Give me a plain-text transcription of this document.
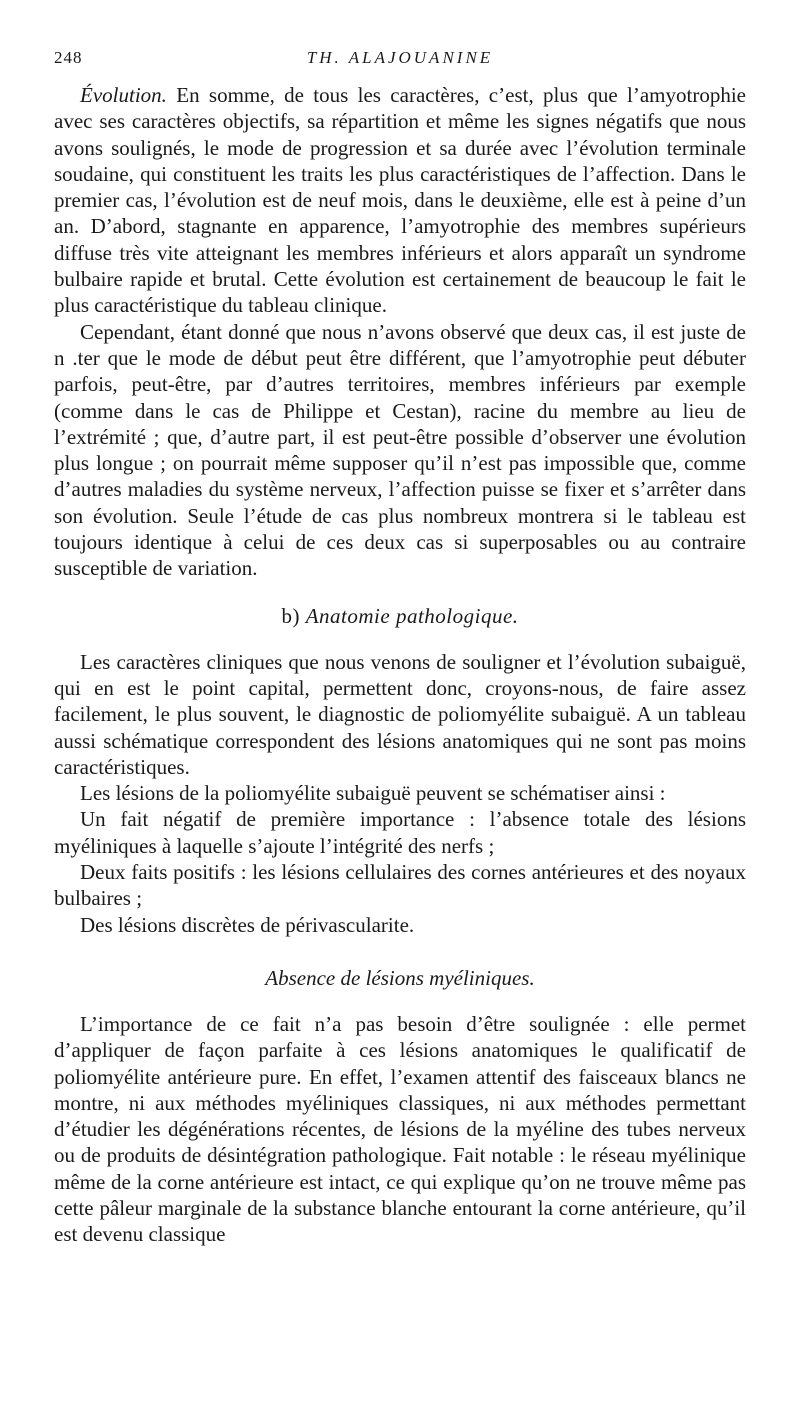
248	TH. ALAJOUANINE

Évolution. En somme, de tous les caractères, c’est, plus que l’amyotrophie avec ses caractères objectifs, sa répartition et même les signes négatifs que nous avons soulignés, le mode de progression et sa durée avec l’évolution terminale soudaine, qui constituent les traits les plus caractéristiques de l’affection. Dans le premier cas, l’évolution est de neuf mois, dans le deuxième, elle est à peine d’un an. D’abord, stagnante en apparence, l’amyotrophie des membres supérieurs diffuse très vite atteignant les membres inférieurs et alors apparaît un syndrome bulbaire rapide et brutal. Cette évolution est certainement de beaucoup le fait le plus caractéristique du tableau clinique.

Cependant, étant donné que nous n’avons observé que deux cas, il est juste de n .ter que le mode de début peut être différent, que l’amyotrophie peut débuter parfois, peut-être, par d’autres territoires, membres inférieurs par exemple (comme dans le cas de Philippe et Cestan), racine du membre au lieu de l’extrémité ; que, d’autre part, il est peut-être possible d’observer une évolution plus longue ; on pourrait même supposer qu’il n’est pas impossible que, comme d’autres maladies du système nerveux, l’affection puisse se fixer et s’arrêter dans son évolution. Seule l’étude de cas plus nombreux montrera si le tableau est toujours identique à celui de ces deux cas si superposables ou au contraire susceptible de variation.

b) Anatomie pathologique.

Les caractères cliniques que nous venons de souligner et l’évolution subaiguë, qui en est le point capital, permettent donc, croyons-nous, de faire assez facilement, le plus souvent, le diagnostic de poliomyélite subaiguë. A un tableau aussi schématique correspondent des lésions anatomiques qui ne sont pas moins caractéristiques.

Les lésions de la poliomyélite subaiguë peuvent se schématiser ainsi :

Un fait négatif de première importance : l’absence totale des lésions myéliniques à laquelle s’ajoute l’intégrité des nerfs ;

Deux faits positifs : les lésions cellulaires des cornes antérieures et des noyaux bulbaires ;

Des lésions discrètes de périvascularite.

Absence de lésions myéliniques.

L’importance de ce fait n’a pas besoin d’être soulignée : elle permet d’appliquer de façon parfaite à ces lésions anatomiques le qualificatif de poliomyélite antérieure pure. En effet, l’examen attentif des faisceaux blancs ne montre, ni aux méthodes myéliniques classiques, ni aux méthodes permettant d’étudier les dégénérations récentes, de lésions de la myéline des tubes nerveux ou de produits de désintégration pathologique. Fait notable : le réseau myélinique même de la corne antérieure est intact, ce qui explique qu’on ne trouve même pas cette pâleur marginale de la substance blanche entourant la corne antérieure, qu’il est devenu classique
